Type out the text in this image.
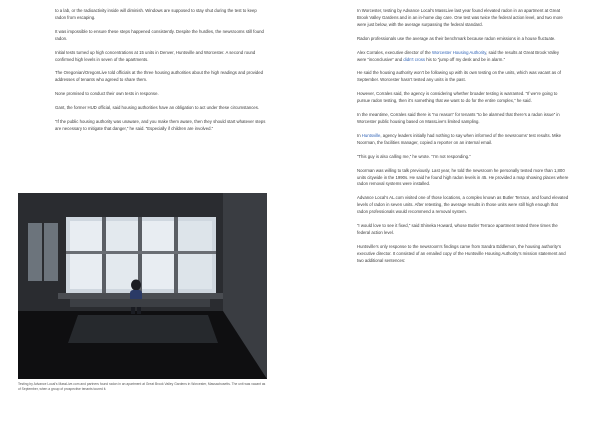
to a lab, or the radioactivity inside will diminish. Windows are supposed to stay shut during the test to keep radon from escaping.

It was impossible to ensure these steps happened consistently. Despite the hurdles, the newsrooms still found radon.

Initial tests turned up high concentrations at 15 units in Denver, Huntsville and Worcester. A second round confirmed high levels in seven of the apartments.

The Oregonian/OregonLive told officials at the three housing authorities about the high readings and provided addresses of tenants who agreed to share them.

None promised to conduct their own tests in response.

Gant, the former HUD official, said housing authorities have an obligation to act under these circumstances.

“If the public housing authority was unaware, and you make them aware, then they should start whatever steps are necessary to mitigate that danger,” he said. “Especially if children are involved.”

Testing by Advance Local’s MassLive.com and partners found radon in an apartment at Great Brook Valley Gardens in Worcester, Massachusetts. The unit was vacant as of September, when a group of prospective tenants toured it.

In Worcester, testing by Advance Local’s MassLive last year found elevated radon in an apartment at Great Brook Valley Gardens and in an in-home day care. One test was twice the federal action level, and two more were just below, with the average surpassing the federal standard.

Radon professionals use the average as their benchmark because radon emissions in a house fluctuate.

Alex Corrales, executive director of the Worcester Housing Authority, said the results at Great Brook Valley were “inconclusive” and didn’t cross his to “jump off my desk and be in alarm.”

He said the housing authority won’t be following up with its own testing on the units, which was vacant as of September. Worcester hasn’t tested any units in the past.

However, Corrales said, the agency is considering whether broader testing is warranted. “If we’re going to pursue radon testing, then it’s something that we want to do for the entire complex,” he said.

In the meantime, Corrales said there is “no reason” for tenants “to be alarmed that there’s a radon issue” in Worcester public housing based on MassLive’s limited sampling.

In Huntsville, agency leaders initially had nothing to say when informed of the newsrooms’ test results. Mike Noorman, the facilities manager, copied a reporter on an internal email.

“This guy is also calling me,” he wrote. “I’m not responding.”

Noorman was willing to talk previously. Last year, he told the newsroom he personally tested more than 1,800 units citywide in the 1990s. He said he found high radon levels in 45. He provided a map showing places where radon removal systems were installed.

Advance Local’s AL.com visited one of those locations, a complex known as Butler Terrace, and found elevated levels of radon in seven units. After retesting, the average results in those units were still high enough that radon professionals would recommend a removal system.

“I would love to see it fixed,” said Shineka Howard, whose Butler Terrace apartment tested three times the federal action level.

Huntsville’s only response to the newsroom’s findings came from Sandra Eddlemon, the housing authority’s executive director. It consisted of an emailed copy of the Huntsville Housing Authority’s mission statement and two additional sentences:
